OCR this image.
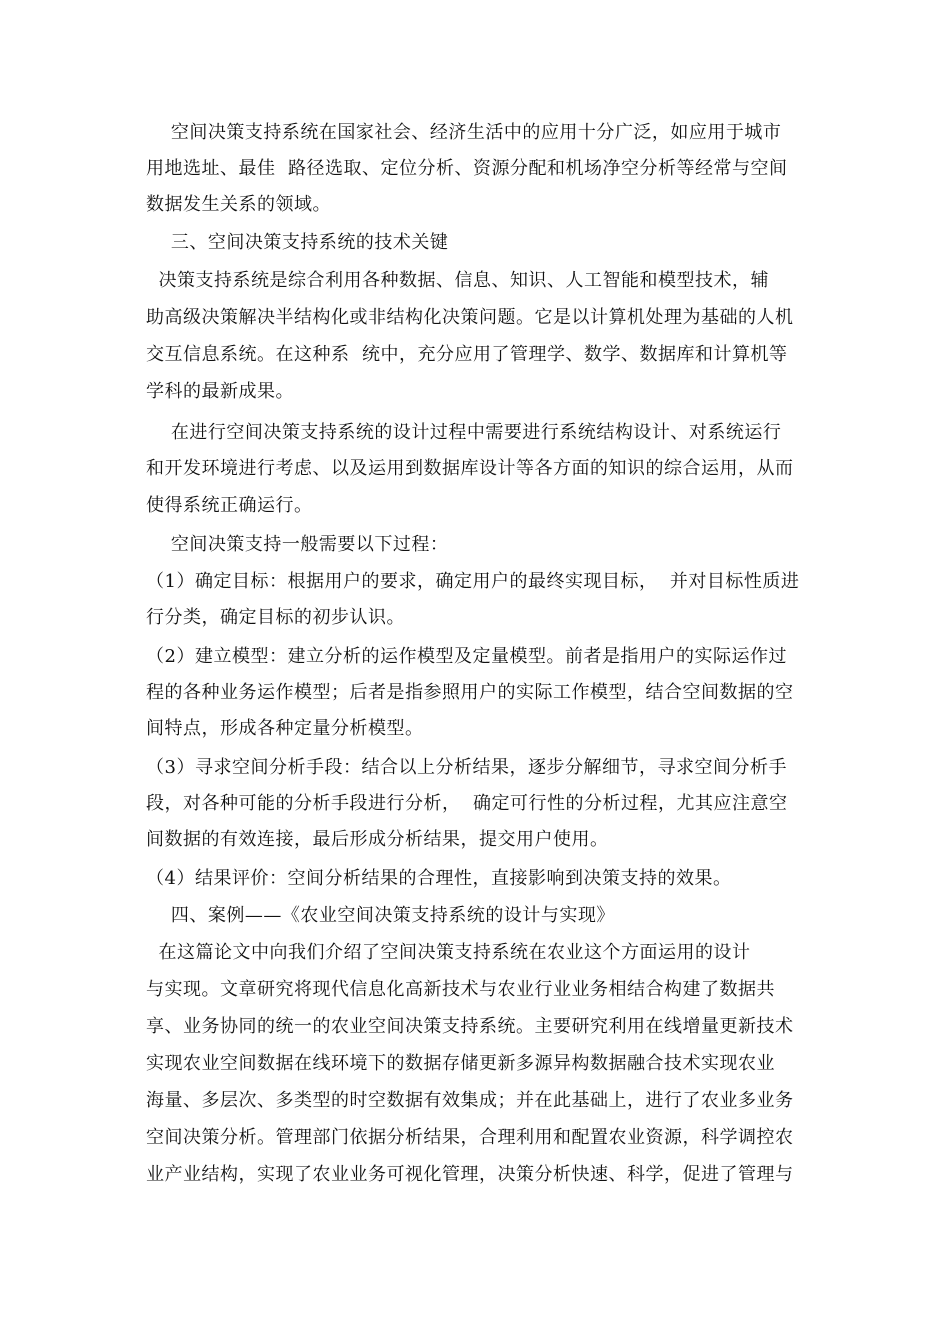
空间决策支持系统在国家社会、经济生活中的应用十分广泛，如应用于城市
用地选址、最佳  路径选取、定位分析、资源分配和机场净空分析等经常与空间
数据发生关系的领域。
三、空间决策支持系统的技术关键
决策支持系统是综合利用各种数据、信息、知识、人工智能和模型技术，辅
助高级决策解决半结构化或非结构化决策问题。它是以计算机处理为基础的人机
交互信息系统。在这种系  统中，充分应用了管理学、数学、数据库和计算机等
学科的最新成果。
在进行空间决策支持系统的设计过程中需要进行系统结构设计、对系统运行
和开发环境进行考虑、以及运用到数据库设计等各方面的知识的综合运用，从而
使得系统正确运行。
空间决策支持一般需要以下过程：
（1）确定目标：根据用户的要求，确定用户的最终实现目标，  并对目标性质进
行分类，确定目标的初步认识。
（2）建立模型：建立分析的运作模型及定量模型。前者是指用户的实际运作过
程的各种业务运作模型；后者是指参照用户的实际工作模型，结合空间数据的空
间特点，形成各种定量分析模型。
（3）寻求空间分析手段：结合以上分析结果，逐步分解细节，寻求空间分析手
段，对各种可能的分析手段进行分析，  确定可行性的分析过程，尤其应注意空
间数据的有效连接，最后形成分析结果，提交用户使用。
（4）结果评价：空间分析结果的合理性，直接影响到决策支持的效果。
四、案例——《农业空间决策支持系统的设计与实现》
在这篇论文中向我们介绍了空间决策支持系统在农业这个方面运用的设计
与实现。文章研究将现代信息化高新技术与农业行业业务相结合构建了数据共
享、业务协同的统一的农业空间决策支持系统。主要研究利用在线增量更新技术
实现农业空间数据在线环境下的数据存储更新多源异构数据融合技术实现农业
海量、多层次、多类型的时空数据有效集成；并在此基础上，进行了农业多业务
空间决策分析。管理部门依据分析结果，合理利用和配置农业资源，科学调控农
业产业结构，实现了农业业务可视化管理，决策分析快速、科学，促进了管理与
